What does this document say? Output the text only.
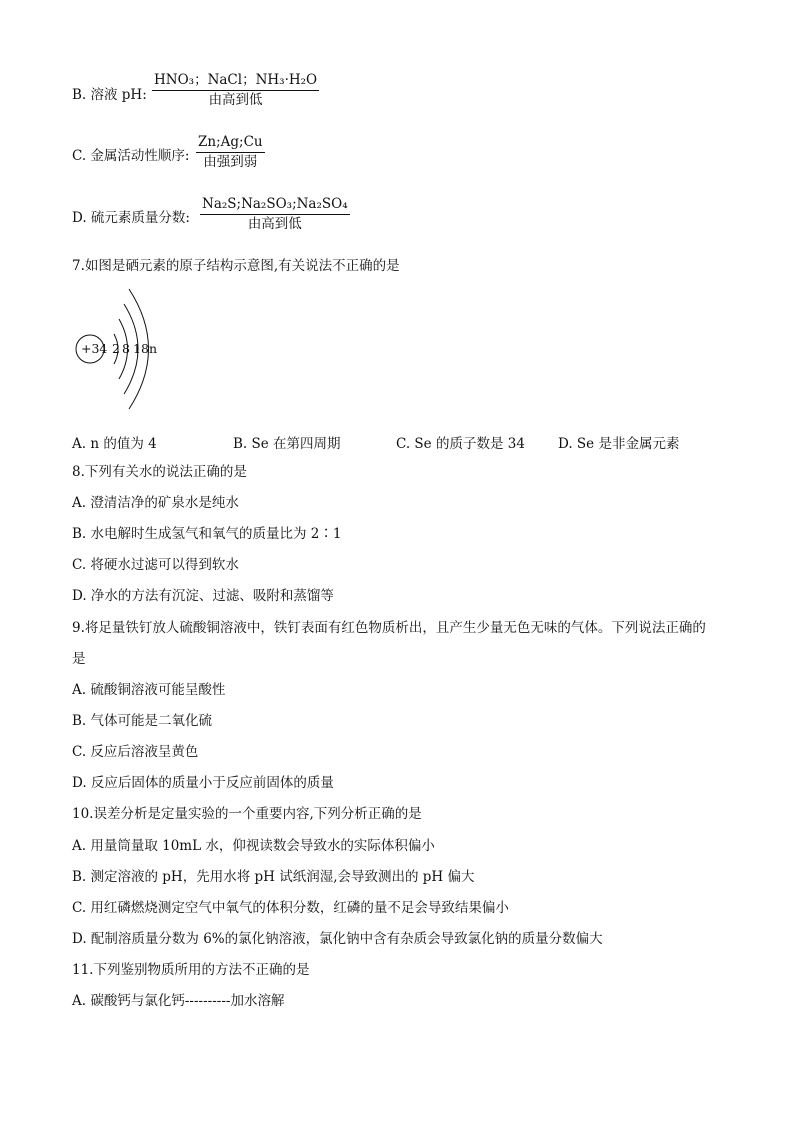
B. 溶液 pH:
HNO₃；NaCl；NH₃·H₂O
由高到低
C. 金属活动性顺序:
Zn;Ag;Cu
由强到弱
D. 硫元素质量分数:
Na₂S;Na₂SO₃;Na₂SO₄
由高到低
7.如图是硒元素的原子结构示意图,有关说法不正确的是
+34 2 8 18 n
A. n 的值为 4	B. Se 在第四周期	C. Se 的质子数是 34 D. Se 是非金属元素
8.下列有关水的说法正确的是
A. 澄清洁净的矿泉水是纯水
B. 水电解时生成氢气和氧气的质量比为 2∶1
C. 将硬水过滤可以得到软水
D. 净水的方法有沉淀、过滤、吸附和蒸馏等
9.将足量铁钉放人硫酸铜溶液中，铁钉表面有红色物质析出，且产生少量无色无味的气体。下列说法正确的
是
A. 硫酸铜溶液可能呈酸性
B. 气体可能是二氧化硫
C. 反应后溶液呈黄色
D. 反应后固体的质量小于反应前固体的质量
10.误差分析是定量实验的一个重要内容,下列分析正确的是
A. 用量筒量取 10mL 水，仰视读数会导致水的实际体积偏小
B. 测定溶液的 pH，先用水将 pH 试纸润湿,会导致测出的 pH 偏大
C. 用红磷燃烧测定空气中氧气的体积分数，红磷的量不足会导致结果偏小
D. 配制溶质量分数为 6%的氯化钠溶液，氯化钠中含有杂质会导致氯化钠的质量分数偏大
11.下列鉴别物质所用的方法不正确的是
A. 碳酸钙与氯化钙----------加水溶解
